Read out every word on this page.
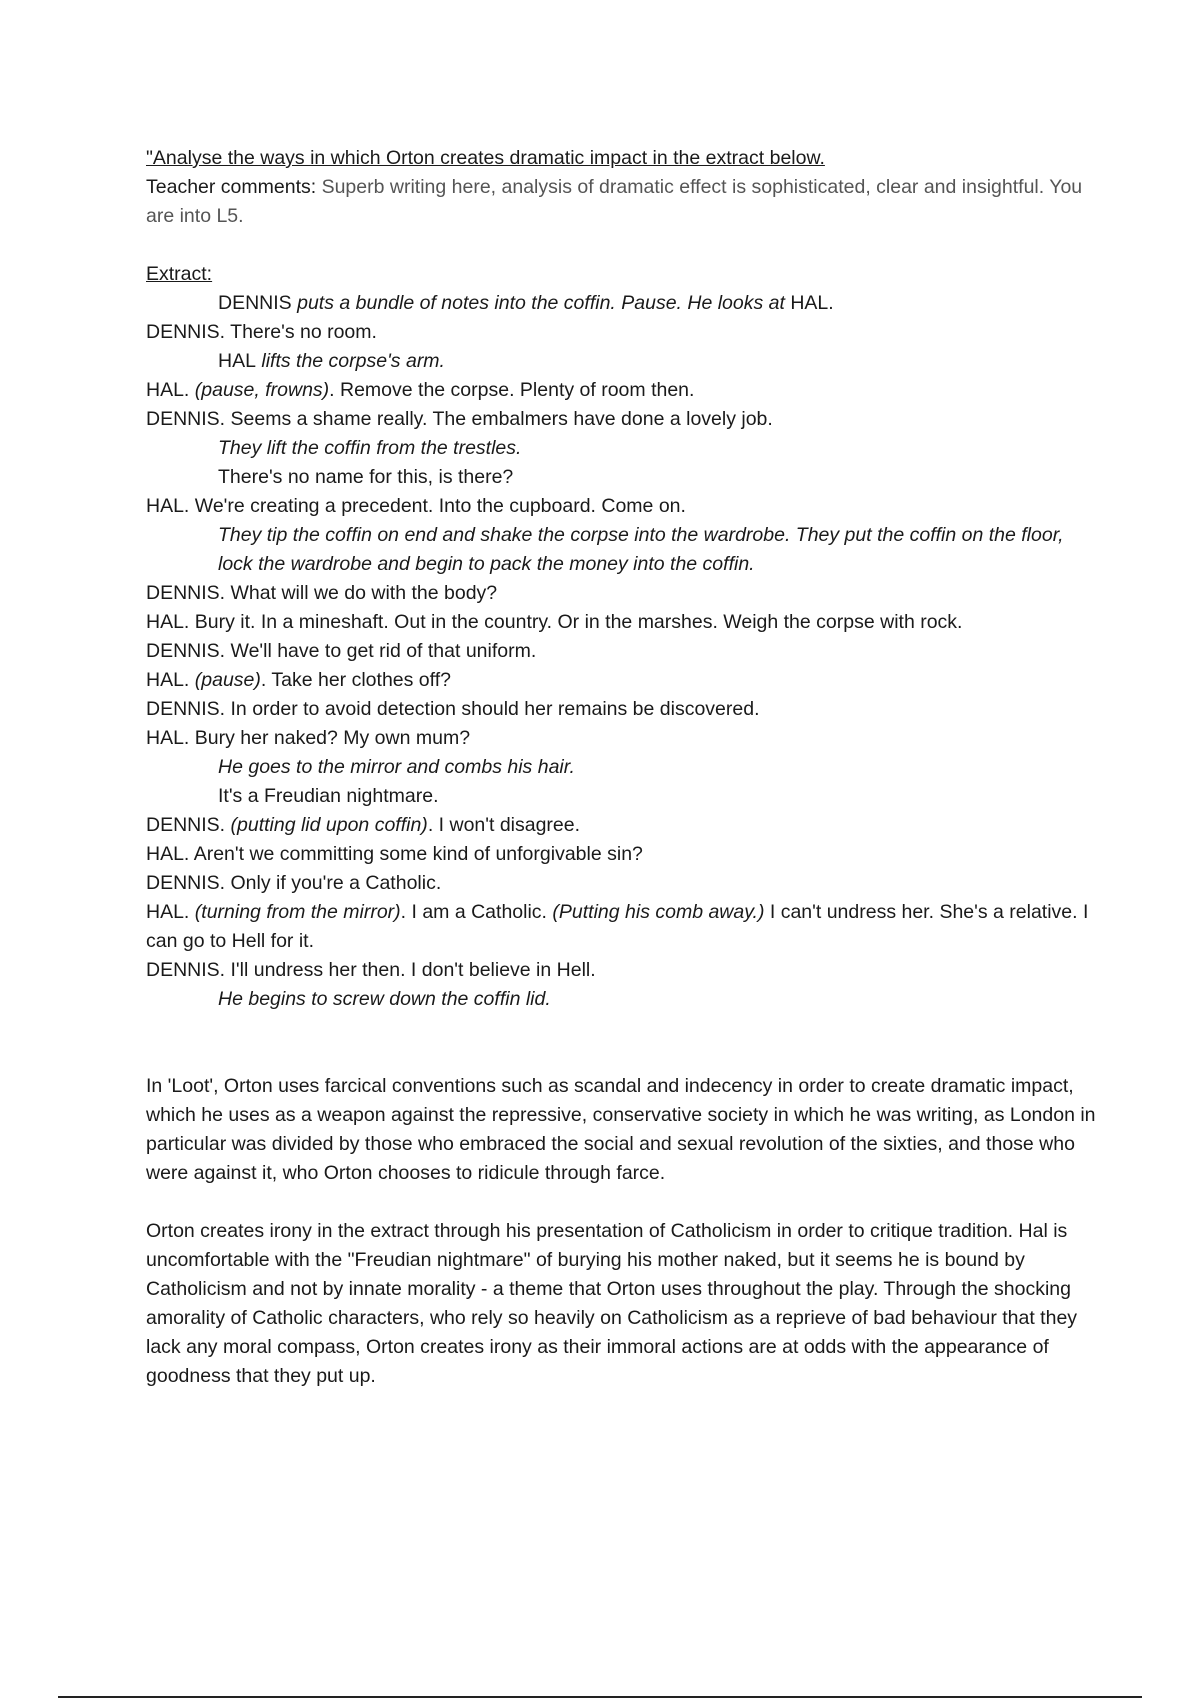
"Analyse the ways in which Orton creates dramatic impact in the extract below.

Teacher comments: Superb writing here, analysis of dramatic effect is sophisticated, clear and insightful. You are into L5.

Extract:

DENNIS puts a bundle of notes into the coffin. Pause. He looks at HAL.

DENNIS. There's no room.

HAL lifts the corpse's arm.

HAL. (pause, frowns). Remove the corpse. Plenty of room then.

DENNIS. Seems a shame really. The embalmers have done a lovely job.

They lift the coffin from the trestles.

There's no name for this, is there?

HAL. We're creating a precedent. Into the cupboard. Come on.

They tip the coffin on end and shake the corpse into the wardrobe. They put the coffin on the floor, lock the wardrobe and begin to pack the money into the coffin.

DENNIS. What will we do with the body?

HAL. Bury it. In a mineshaft. Out in the country. Or in the marshes. Weigh the corpse with rock.

DENNIS. We'll have to get rid of that uniform.

HAL. (pause). Take her clothes off?

DENNIS. In order to avoid detection should her remains be discovered.

HAL. Bury her naked? My own mum?

He goes to the mirror and combs his hair.

It's a Freudian nightmare.

DENNIS. (putting lid upon coffin). I won't disagree.

HAL. Aren't we committing some kind of unforgivable sin?

DENNIS. Only if you're a Catholic.

HAL. (turning from the mirror). I am a Catholic. (Putting his comb away.) I can't undress her. She's a relative. I can go to Hell for it.

DENNIS. I'll undress her then. I don't believe in Hell.

He begins to screw down the coffin lid.

In 'Loot', Orton uses farcical conventions such as scandal and indecency in order to create dramatic impact, which he uses as a weapon against the repressive, conservative society in which he was writing, as London in particular was divided by those who embraced the social and sexual revolution of the sixties, and those who were against it, who Orton chooses to ridicule through farce.

Orton creates irony in the extract through his presentation of Catholicism in order to critique tradition. Hal is uncomfortable with the "Freudian nightmare" of burying his mother naked, but it seems he is bound by Catholicism and not by innate morality - a theme that Orton uses throughout the play. Through the shocking amorality of Catholic characters, who rely so heavily on Catholicism as a reprieve of bad behaviour that they lack any moral compass, Orton creates irony as their immoral actions are at odds with the appearance of goodness that they put up.
